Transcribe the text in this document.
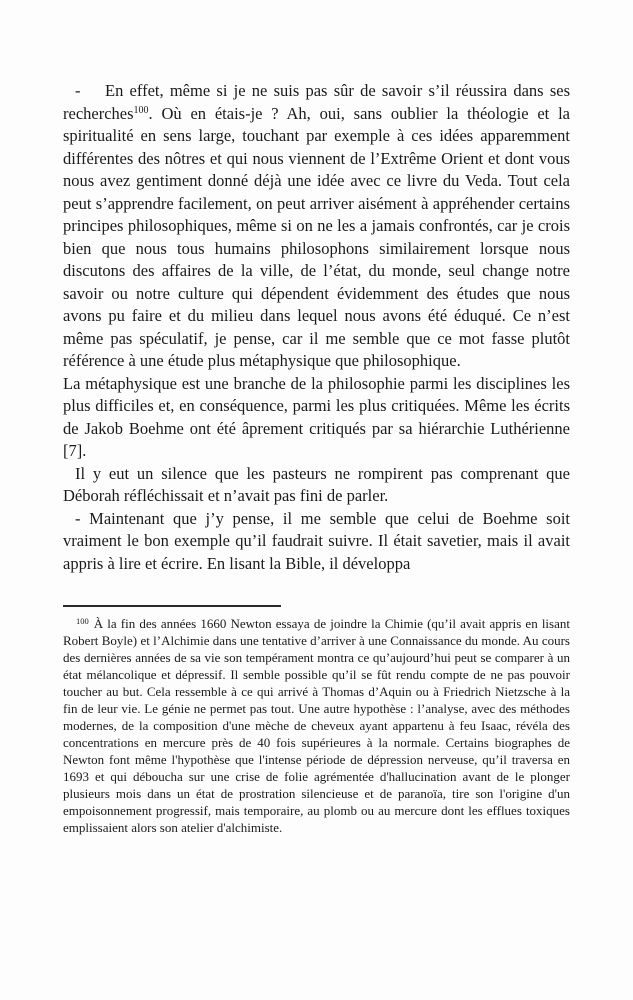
- En effet, même si je ne suis pas sûr de savoir s’il réussira dans ses recherches$^{100}$. Où en étais-je ? Ah, oui, sans oublier la théologie et la spiritualité en sens large, touchant par exemple à ces idées apparemment différentes des nôtres et qui nous viennent de l’Extrême Orient et dont vous nous avez gentiment donné déjà une idée avec ce livre du Veda. Tout cela peut s’apprendre facilement, on peut arriver aisément à appréhender certains principes philosophiques, même si on ne les a jamais confrontés, car je crois bien que nous tous humains philosophons similairement lorsque nous discutons des affaires de la ville, de l’état, du monde, seul change notre savoir ou notre culture qui dépendent évidemment des études que nous avons pu faire et du milieu dans lequel nous avons été éduqué. Ce n’est même pas spéculatif, je pense, car il me semble que ce mot fasse plutôt référence à une étude plus métaphysique que philosophique.

La métaphysique est une branche de la philosophie parmi les disciplines les plus difficiles et, en conséquence, parmi les plus critiquées. Même les écrits de Jakob Boehme ont été âprement critiqués par sa hiérarchie Luthérienne [7].

Il y eut un silence que les pasteurs ne rompirent pas comprenant que Déborah réfléchissait et n’avait pas fini de parler.

- Maintenant que j’y pense, il me semble que celui de Boehme soit vraiment le bon exemple qu’il faudrait suivre. Il était savetier, mais il avait appris à lire et écrire. En lisant la Bible, il développa

$^{100}$ À la fin des années 1660 Newton essaya de joindre la Chimie (qu’il avait appris en lisant Robert Boyle) et l’Alchimie dans une tentative d’arriver à une Connaissance du monde. Au cours des dernières années de sa vie son tempérament montra ce qu’aujourd’hui peut se comparer à un état mélancolique et dépressif. Il semble possible qu’il se fût rendu compte de ne pas pouvoir toucher au but. Cela ressemble à ce qui arrivé à Thomas d’Aquin ou à Friedrich Nietzsche à la fin de leur vie. Le génie ne permet pas tout. Une autre hypothèse : l’analyse, avec des méthodes modernes, de la composition d'une mèche de cheveux ayant appartenu à feu Isaac, révéla des concentrations en mercure près de 40 fois supérieures à la normale. Certains biographes de Newton font même l'hypothèse que l'intense période de dépression nerveuse, qu’il traversa en 1693 et qui déboucha sur une crise de folie agrémentée d'hallucination avant de le plonger plusieurs mois dans un état de prostration silencieuse et de paranoïa, tire son l'origine d'un empoisonnement progressif, mais temporaire, au plomb ou au mercure dont les efflues toxiques emplissaient alors son atelier d'alchimiste.
